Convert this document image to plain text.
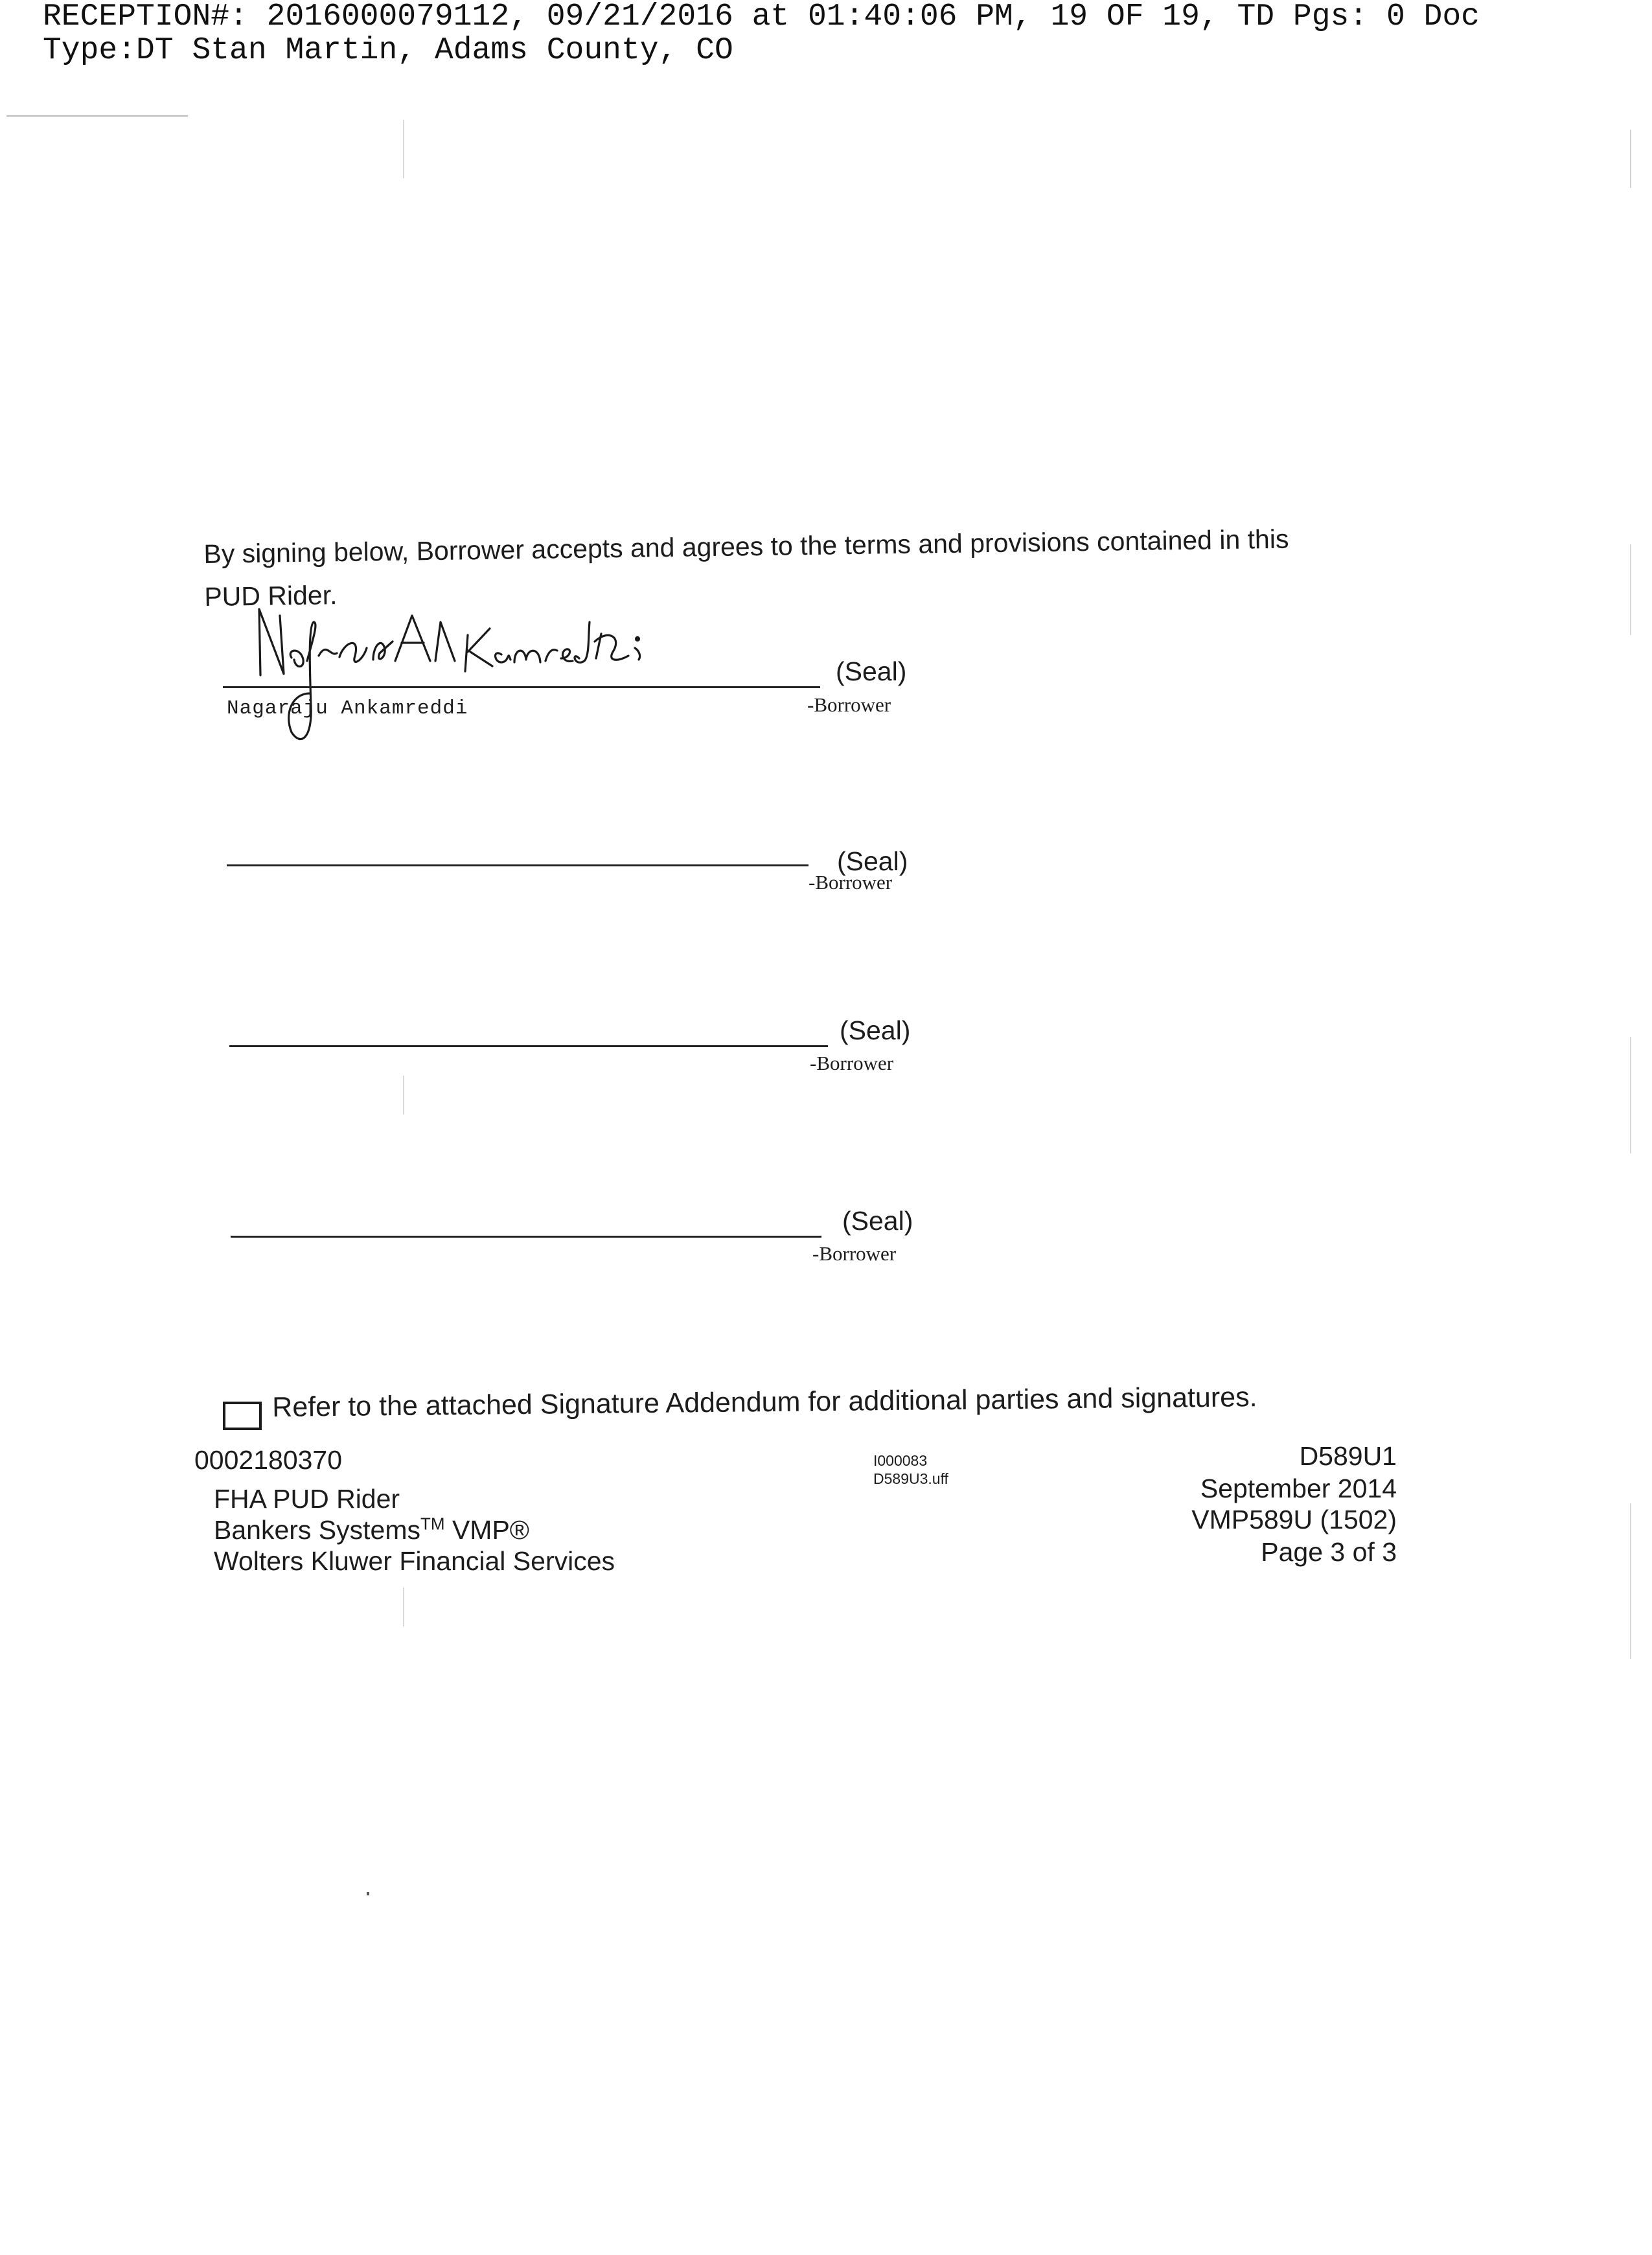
RECEPTION#: 2016000079112, 09/21/2016 at 01:40:06 PM, 19 OF 19, TD Pgs: 0 Doc
Type:DT Stan Martin, Adams County, CO
By signing below, Borrower accepts and agrees to the terms and provisions contained in this
PUD Rider.
(Seal)
-Borrower
Nagaraju Ankamreddi
(Seal)
-Borrower
(Seal)
-Borrower
(Seal)
-Borrower
Refer to the attached Signature Addendum for additional parties and signatures.
0002180370
FHA PUD Rider
Bankers Systems™ VMP®
Wolters Kluwer Financial Services
I000083
D589U3.uff
D589U1
September 2014
VMP589U (1502)
Page 3 of 3
